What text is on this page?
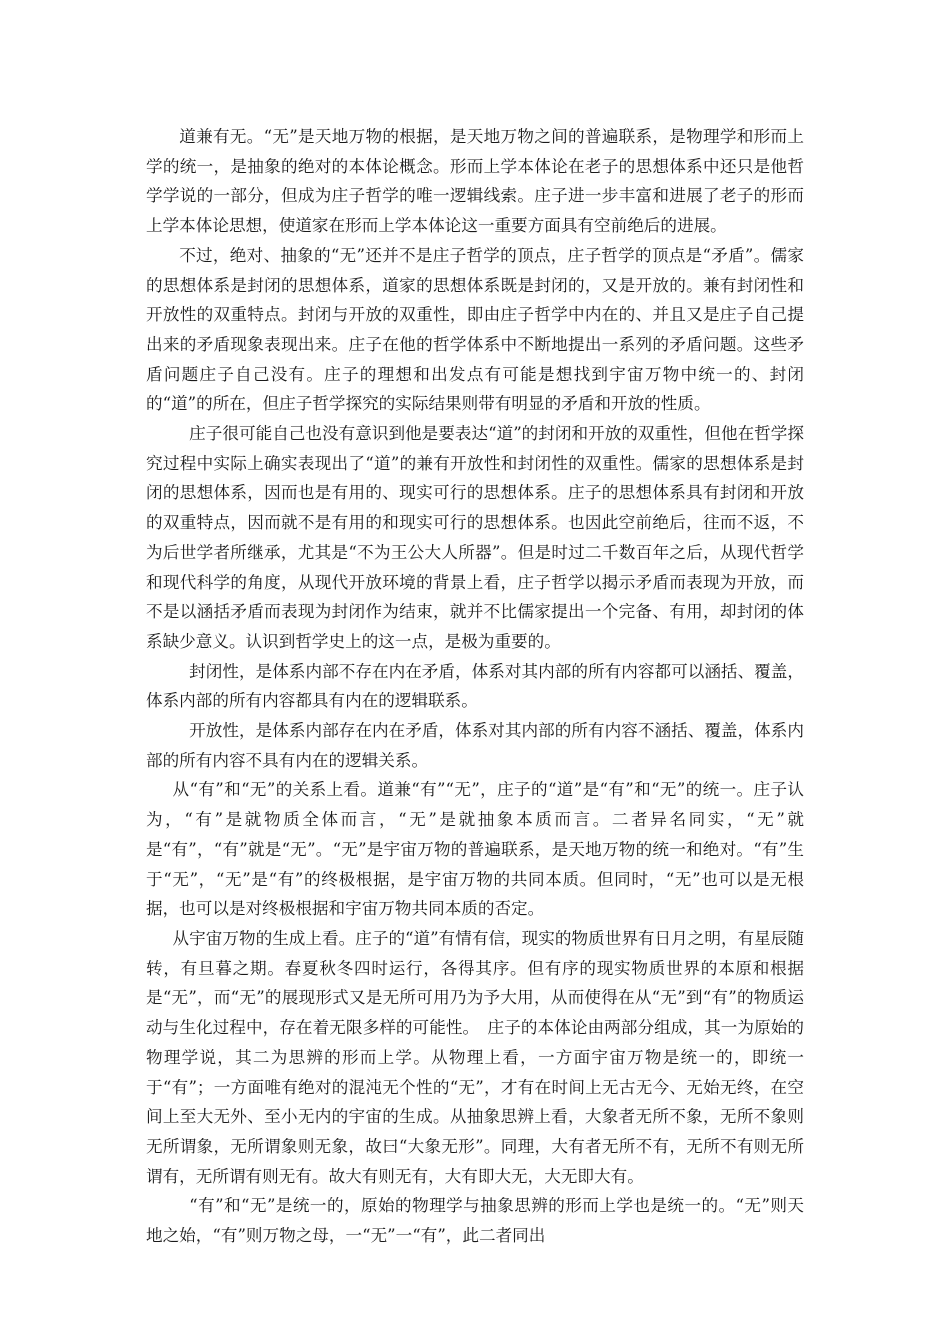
道兼有无。“无”是天地万物的根据，是天地万物之间的普遍联系，是物理学和形而上学的统一，是抽象的绝对的本体论概念。形而上学本体论在老子的思想体系中还只是他哲学学说的一部分，但成为庄子哲学的唯一逻辑线索。庄子进一步丰富和进展了老子的形而上学本体论思想，使道家在形而上学本体论这一重要方面具有空前绝后的进展。

不过，绝对、抽象的“无”还并不是庄子哲学的顶点，庄子哲学的顶点是“矛盾”。儒家的思想体系是封闭的思想体系，道家的思想体系既是封闭的，又是开放的。兼有封闭性和开放性的双重特点。封闭与开放的双重性，即由庄子哲学中内在的、并且又是庄子自己提出来的矛盾现象表现出来。庄子在他的哲学体系中不断地提出一系列的矛盾问题。这些矛盾问题庄子自己没有。庄子的理想和出发点有可能是想找到宇宙万物中统一的、封闭的“道”的所在，但庄子哲学探究的实际结果则带有明显的矛盾和开放的性质。

庄子很可能自己也没有意识到他是要表达“道”的封闭和开放的双重性，但他在哲学探究过程中实际上确实表现出了“道”的兼有开放性和封闭性的双重性。儒家的思想体系是封闭的思想体系，因而也是有用的、现实可行的思想体系。庄子的思想体系具有封闭和开放的双重特点，因而就不是有用的和现实可行的思想体系。也因此空前绝后，往而不返，不为后世学者所继承，尤其是“不为王公大人所器”。但是时过二千数百年之后，从现代哲学和现代科学的角度，从现代开放环境的背景上看，庄子哲学以揭示矛盾而表现为开放，而不是以涵括矛盾而表现为封闭作为结束，就并不比儒家提出一个完备、有用，却封闭的体系缺少意义。认识到哲学史上的这一点，是极为重要的。

封闭性，是体系内部不存在内在矛盾，体系对其内部的所有内容都可以涵括、覆盖，体系内部的所有内容都具有内在的逻辑联系。

开放性，是体系内部存在内在矛盾，体系对其内部的所有内容不涵括、覆盖，体系内部的所有内容不具有内在的逻辑关系。

从“有”和“无”的关系上看。道兼“有”“无”，庄子的“道”是“有”和“无”的统一。庄子认为，“有”是就物质全体而言，“无”是就抽象本质而言。二者异名同实，“无”就是“有”，“有”就是“无”。“无”是宇宙万物的普遍联系，是天地万物的统一和绝对。“有”生于“无”，“无”是“有”的终极根据，是宇宙万物的共同本质。但同时，“无”也可以是无根据，也可以是对终极根据和宇宙万物共同本质的否定。

从宇宙万物的生成上看。庄子的“道”有情有信，现实的物质世界有日月之明，有星辰随转，有旦暮之期。春夏秋冬四时运行，各得其序。但有序的现实物质世界的本原和根据是“无”，而“无”的展现形式又是无所可用乃为予大用，从而使得在从“无”到“有”的物质运动与生化过程中，存在着无限多样的可能性。　庄子的本体论由两部分组成，其一为原始的物理学说，其二为思辨的形而上学。从物理上看，一方面宇宙万物是统一的，即统一于“有”；一方面唯有绝对的混沌无个性的“无”，才有在时间上无古无今、无始无终，在空间上至大无外、至小无内的宇宙的生成。从抽象思辨上看，大象者无所不象，无所不象则无所谓象，无所谓象则无象，故曰“大象无形”。同理，大有者无所不有，无所不有则无所谓有，无所谓有则无有。故大有则无有，大有即大无，大无即大有。

“有”和“无”是统一的，原始的物理学与抽象思辨的形而上学也是统一的。“无”则天地之始，“有”则万物之母，一“无”一“有”，此二者同出
